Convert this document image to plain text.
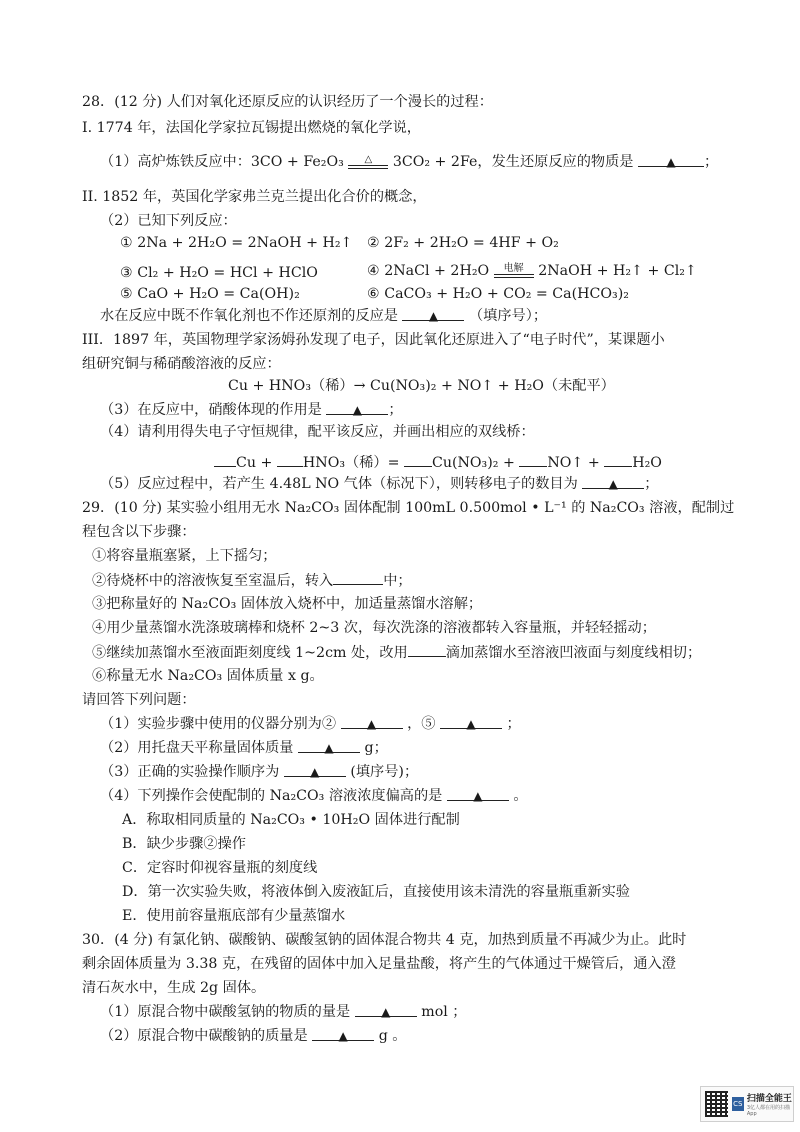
28．(12 分) 人们对氧化还原反应的认识经历了一个漫长的过程：
I. 1774 年，法国化学家拉瓦锡提出燃烧的氧化学说，
（1）高炉炼铁反应中：3CO + Fe₂O₃	△	3CO₂ + 2Fe，发生还原反应的物质是	▲ ；
II. 1852 年，英国化学家弗兰克兰提出化合价的概念，
（2）已知下列反应：
① 2Na + 2H₂O = 2NaOH + H₂↑ ② 2F₂ + 2H₂O = 4HF + O₂
③ Cl₂ + H₂O = HCl + HClO	④ 2NaCl + 2H₂O	电解	2NaOH + H₂↑ + Cl₂↑
⑤ CaO + H₂O = Ca(OH)₂	⑥ CaCO₃ + H₂O + CO₂ = Ca(HCO₃)₂
水在反应中既不作氧化剂也不作还原剂的反应是	▲ （填序号）；
III．1897 年，英国物理学家汤姆孙发现了电子，因此氧化还原进入了“电子时代”，某课题小
组研究铜与稀硝酸溶液的反应：
Cu + HNO₃（稀）→ Cu(NO₃)₂ + NO↑ + H₂O（未配平）
（3）在反应中，硝酸体现的作用是	▲ ；
（4）请利用得失电子守恒规律，配平该反应，并画出相应的双线桥：
Cu + HNO₃（稀）= Cu(NO₃)₂ + NO↑ + H₂O
（5）反应过程中，若产生 4.48L NO 气体（标况下），则转移电子的数目为	▲ ；
29．(10 分) 某实验小组用无水 Na₂CO₃ 固体配制 100mL 0.500mol • L⁻¹ 的 Na₂CO₃ 溶液，配制过
程包含以下步骤：
①将容量瓶塞紧，上下摇匀；
②待烧杯中的溶液恢复至室温后，转入	中；
③把称量好的 Na₂CO₃ 固体放入烧杯中，加适量蒸馏水溶解；
④用少量蒸馏水洗涤玻璃棒和烧杯 2~3 次，每次洗涤的溶液都转入容量瓶，并轻轻摇动；
⑤继续加蒸馏水至液面距刻度线 1~2cm 处，改用	滴加蒸馏水至溶液凹液面与刻度线相切；
⑥称量无水 Na₂CO₃ 固体质量 x g。
请回答下列问题：
（1）实验步骤中使用的仪器分别为②	▲ ，⑤	▲ ；
（2）用托盘天平称量固体质量	▲ g；
（3）正确的实验操作顺序为	▲ (填序号)；
（4）下列操作会使配制的 Na₂CO₃ 溶液浓度偏高的是	▲ 。
A．称取相同质量的 Na₂CO₃ • 10H₂O 固体进行配制
B．缺少步骤②操作
C．定容时仰视容量瓶的刻度线
D．第一次实验失败，将液体倒入废液缸后，直接使用该未清洗的容量瓶重新实验
E．使用前容量瓶底部有少量蒸馏水
30．(4 分) 有氯化钠、碳酸钠、碳酸氢钠的固体混合物共 4 克，加热到质量不再减少为止。此时
剩余固体质量为 3.38 克，在残留的固体中加入足量盐酸，将产生的气体通过干燥管后，通入澄
清石灰水中，生成 2g 固体。
（1）原混合物中碳酸氢钠的物质的量是	▲ mol ；
（2）原混合物中碳酸钠的质量是	▲ g 。
CS 扫描全能王
3亿人都在用的扫描App
